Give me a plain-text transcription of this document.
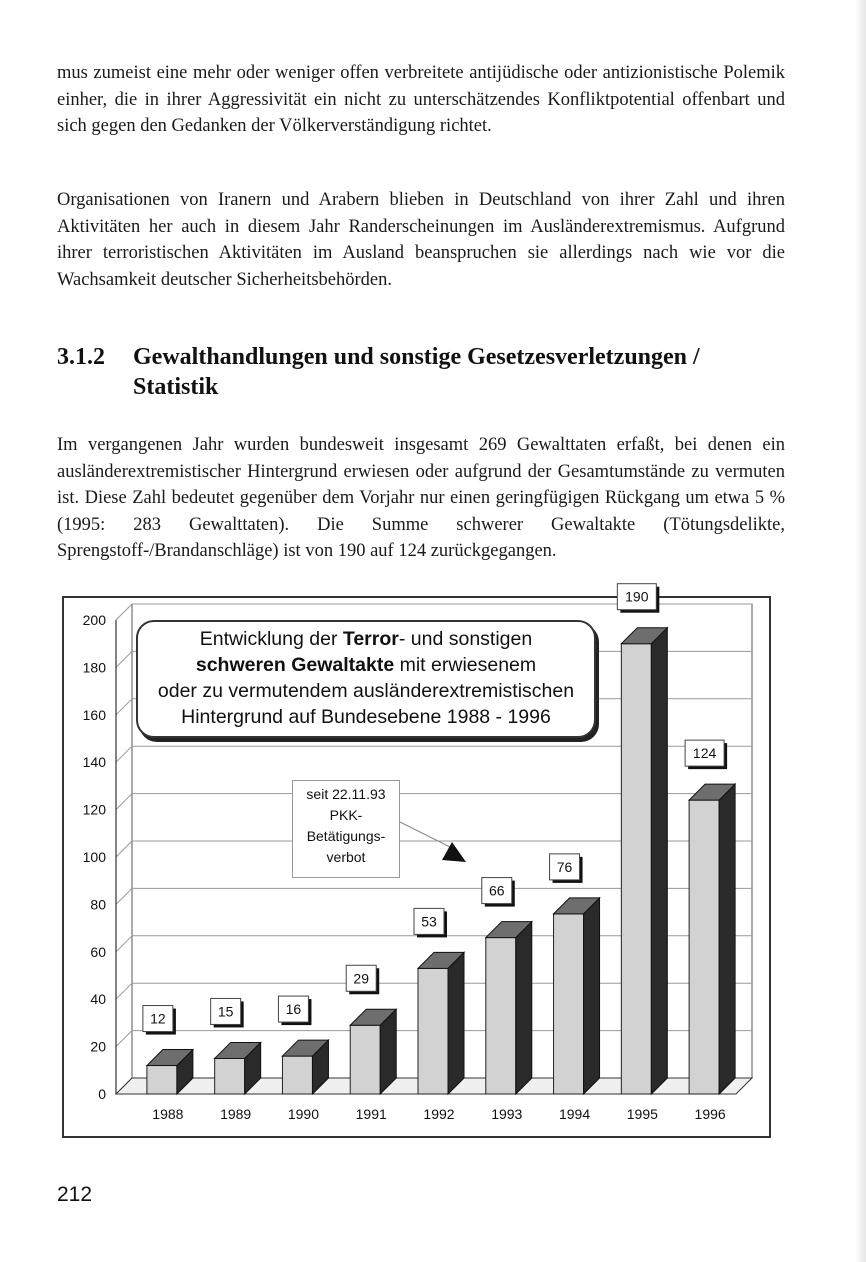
mus zumeist eine mehr oder weniger offen verbreitete antijüdische oder antizionistische Polemik einher, die in ihrer Aggressivität ein nicht zu unterschätzendes Konfliktpotential offenbart und sich gegen den Gedanken der Völkerverständigung richtet.

Organisationen von Iranern und Arabern blieben in Deutschland von ihrer Zahl und ihren Aktivitäten her auch in diesem Jahr Randerscheinungen im Ausländerextremismus. Aufgrund ihrer terroristischen Aktivitäten im Ausland beanspruchen sie allerdings nach wie vor die Wachsamkeit deutscher Sicherheitsbehörden.

3.1.2 Gewalthandlungen und sonstige Gesetzesverletzungen / Statistik

Im vergangenen Jahr wurden bundesweit insgesamt 269 Gewalttaten erfaßt, bei denen ein ausländerextremistischer Hintergrund erwiesen oder aufgrund der Gesamtumstände zu vermuten ist. Diese Zahl bedeutet gegenüber dem Vorjahr nur einen geringfügigen Rückgang um etwa 5 % (1995: 283 Gewalttaten). Die Summe schwerer Gewaltakte (Tötungsdelikte, Sprengstoff-/Brandanschläge) ist von 190 auf 124 zurückgegangen.

0
20
40
60
80
100
120
140
160
180
200
1988
12
1989
15
1990
16
1991
29
1992
53
1993
66
1994
76
1995
190
1996
124
Entwicklung der Terror- und sonstigen
schweren Gewaltakte mit erwiesenem
oder zu vermutendem ausländerextremistischen
Hintergrund auf Bundesebene 1988 - 1996
seit 22.11.93
PKK-
Betätigungs-
verbot
212
